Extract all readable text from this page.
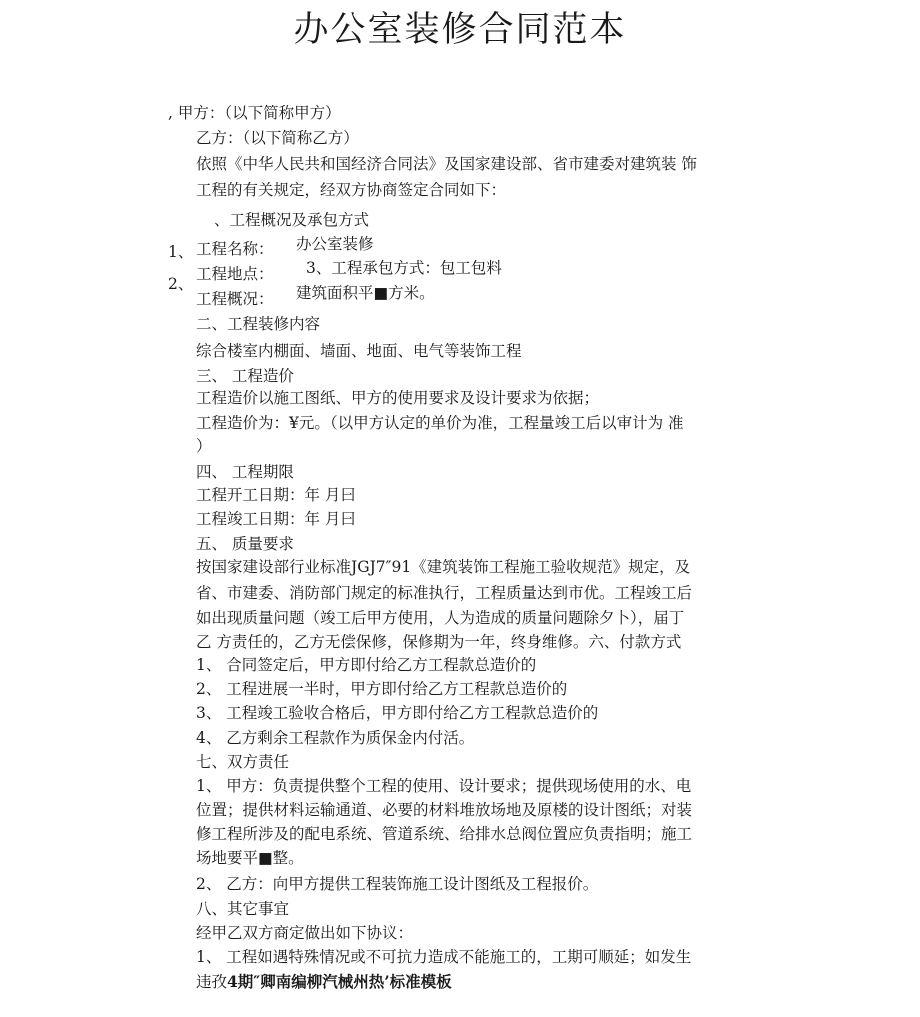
办公室装修合同范本
, 甲方：（以下简称甲方）
乙方：（以下简称乙方）
依照《中华人民共和国经济合同法》及国家建设部、省市建委对建筑装 饰
工程的有关规定，经双方协商签定合同如下：
、工程概况及承包方式
1、
2、
工程名称： 办公室装修
工程地点： 3、工程承包方式：包工包料
工程概况： 建筑面积平■方米。
二、工程装修内容
综合楼室内棚面、墙面、地面、电气等装饰工程
三、 工程造价
工程造价以施工图纸、甲方的使用要求及设计要求为依据；
工程造价为：¥元。（以甲方认定的单价为准，工程量竣工后以审计为 准
）
四、 工程期限
工程开工日期：年 月曰
工程竣工日期：年 月曰
五、 质量要求
按国家建设部行业标准JGJ7″91《建筑装饰工程施工验收规范》规定，及
省、市建委、消防部门规定的标准执行，工程质量达到市优。工程竣工后
如出现质量问题（竣工后甲方使用，人为造成的质量问题除夕卜），届丁
乙 方责任的，乙方无偿保修，保修期为一年，终身维修。六、付款方式
1、 合同签定后，甲方即付给乙方工程款总造价的
2、 工程进展一半时，甲方即付给乙方工程款总造价的
3、 工程竣工验收合格后，甲方即付给乙方工程款总造价的
4、 乙方剩余工程款作为质保金内付活。
七、双方责任
1、 甲方：负责提供整个工程的使用、设计要求；提供现场使用的水、电
位置；提供材料运输通道、必要的材料堆放场地及原楼的设计图纸；对装
修工程所涉及的配电系统、管道系统、给排水总阀位置应负责指明；施工
场地要平■整。
2、 乙方：向甲方提供工程装饰施工设计图纸及工程报价。
八、其它事宜
经甲乙双方商定做出如下协议：
1、 工程如遇特殊情况或不可抗力造成不能施工的，工期可顺延；如发生
违孜4期″卿南编柳汽械州热’标准模板
